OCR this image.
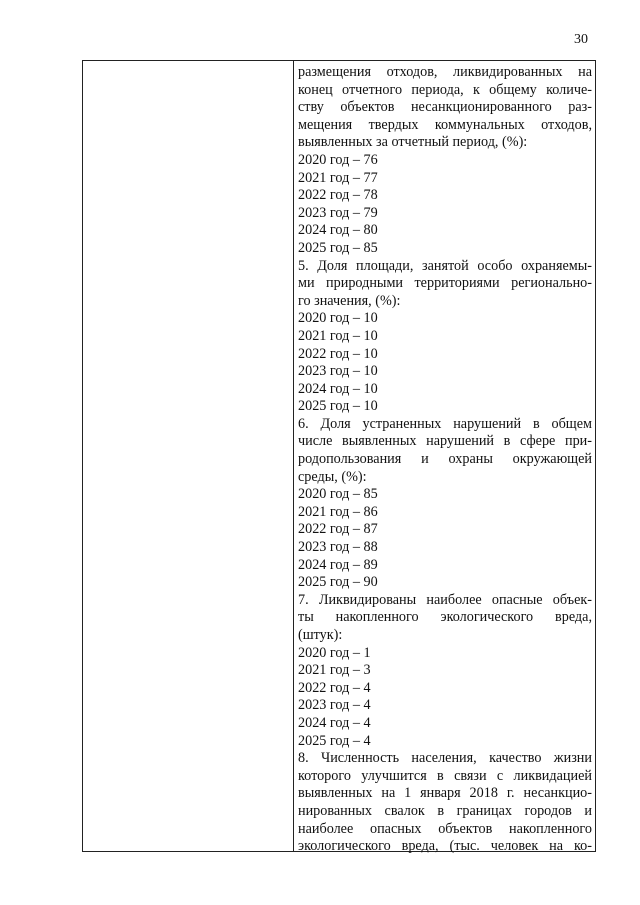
30
размещения отходов, ликвидированных на
конец отчетного периода, к общему количе-
ству объектов несанкционированного раз-
мещения твердых коммунальных отходов,
выявленных за отчетный период, (%):
2020 год – 76
2021 год – 77
2022 год – 78
2023 год – 79
2024 год – 80
2025 год – 85
5. Доля площади, занятой особо охраняемы-
ми природными территориями регионально-
го значения, (%):
2020 год – 10
2021 год – 10
2022 год – 10
2023 год – 10
2024 год – 10
2025 год – 10
6. Доля устраненных нарушений в общем
числе выявленных нарушений в сфере при-
родопользования и охраны окружающей
среды, (%):
2020 год – 85
2021 год – 86
2022 год – 87
2023 год – 88
2024 год – 89
2025 год – 90
7. Ликвидированы наиболее опасные объек-
ты накопленного экологического вреда,
(штук):
2020 год – 1
2021 год – 3
2022 год – 4
2023 год – 4
2024 год – 4
2025 год – 4
8. Численность населения, качество жизни
которого улучшится в связи с ликвидацией
выявленных на 1 января 2018 г. несанкцио-
нированных свалок в границах городов и
наиболее опасных объектов накопленного
экологического вреда, (тыс. человек на ко-
